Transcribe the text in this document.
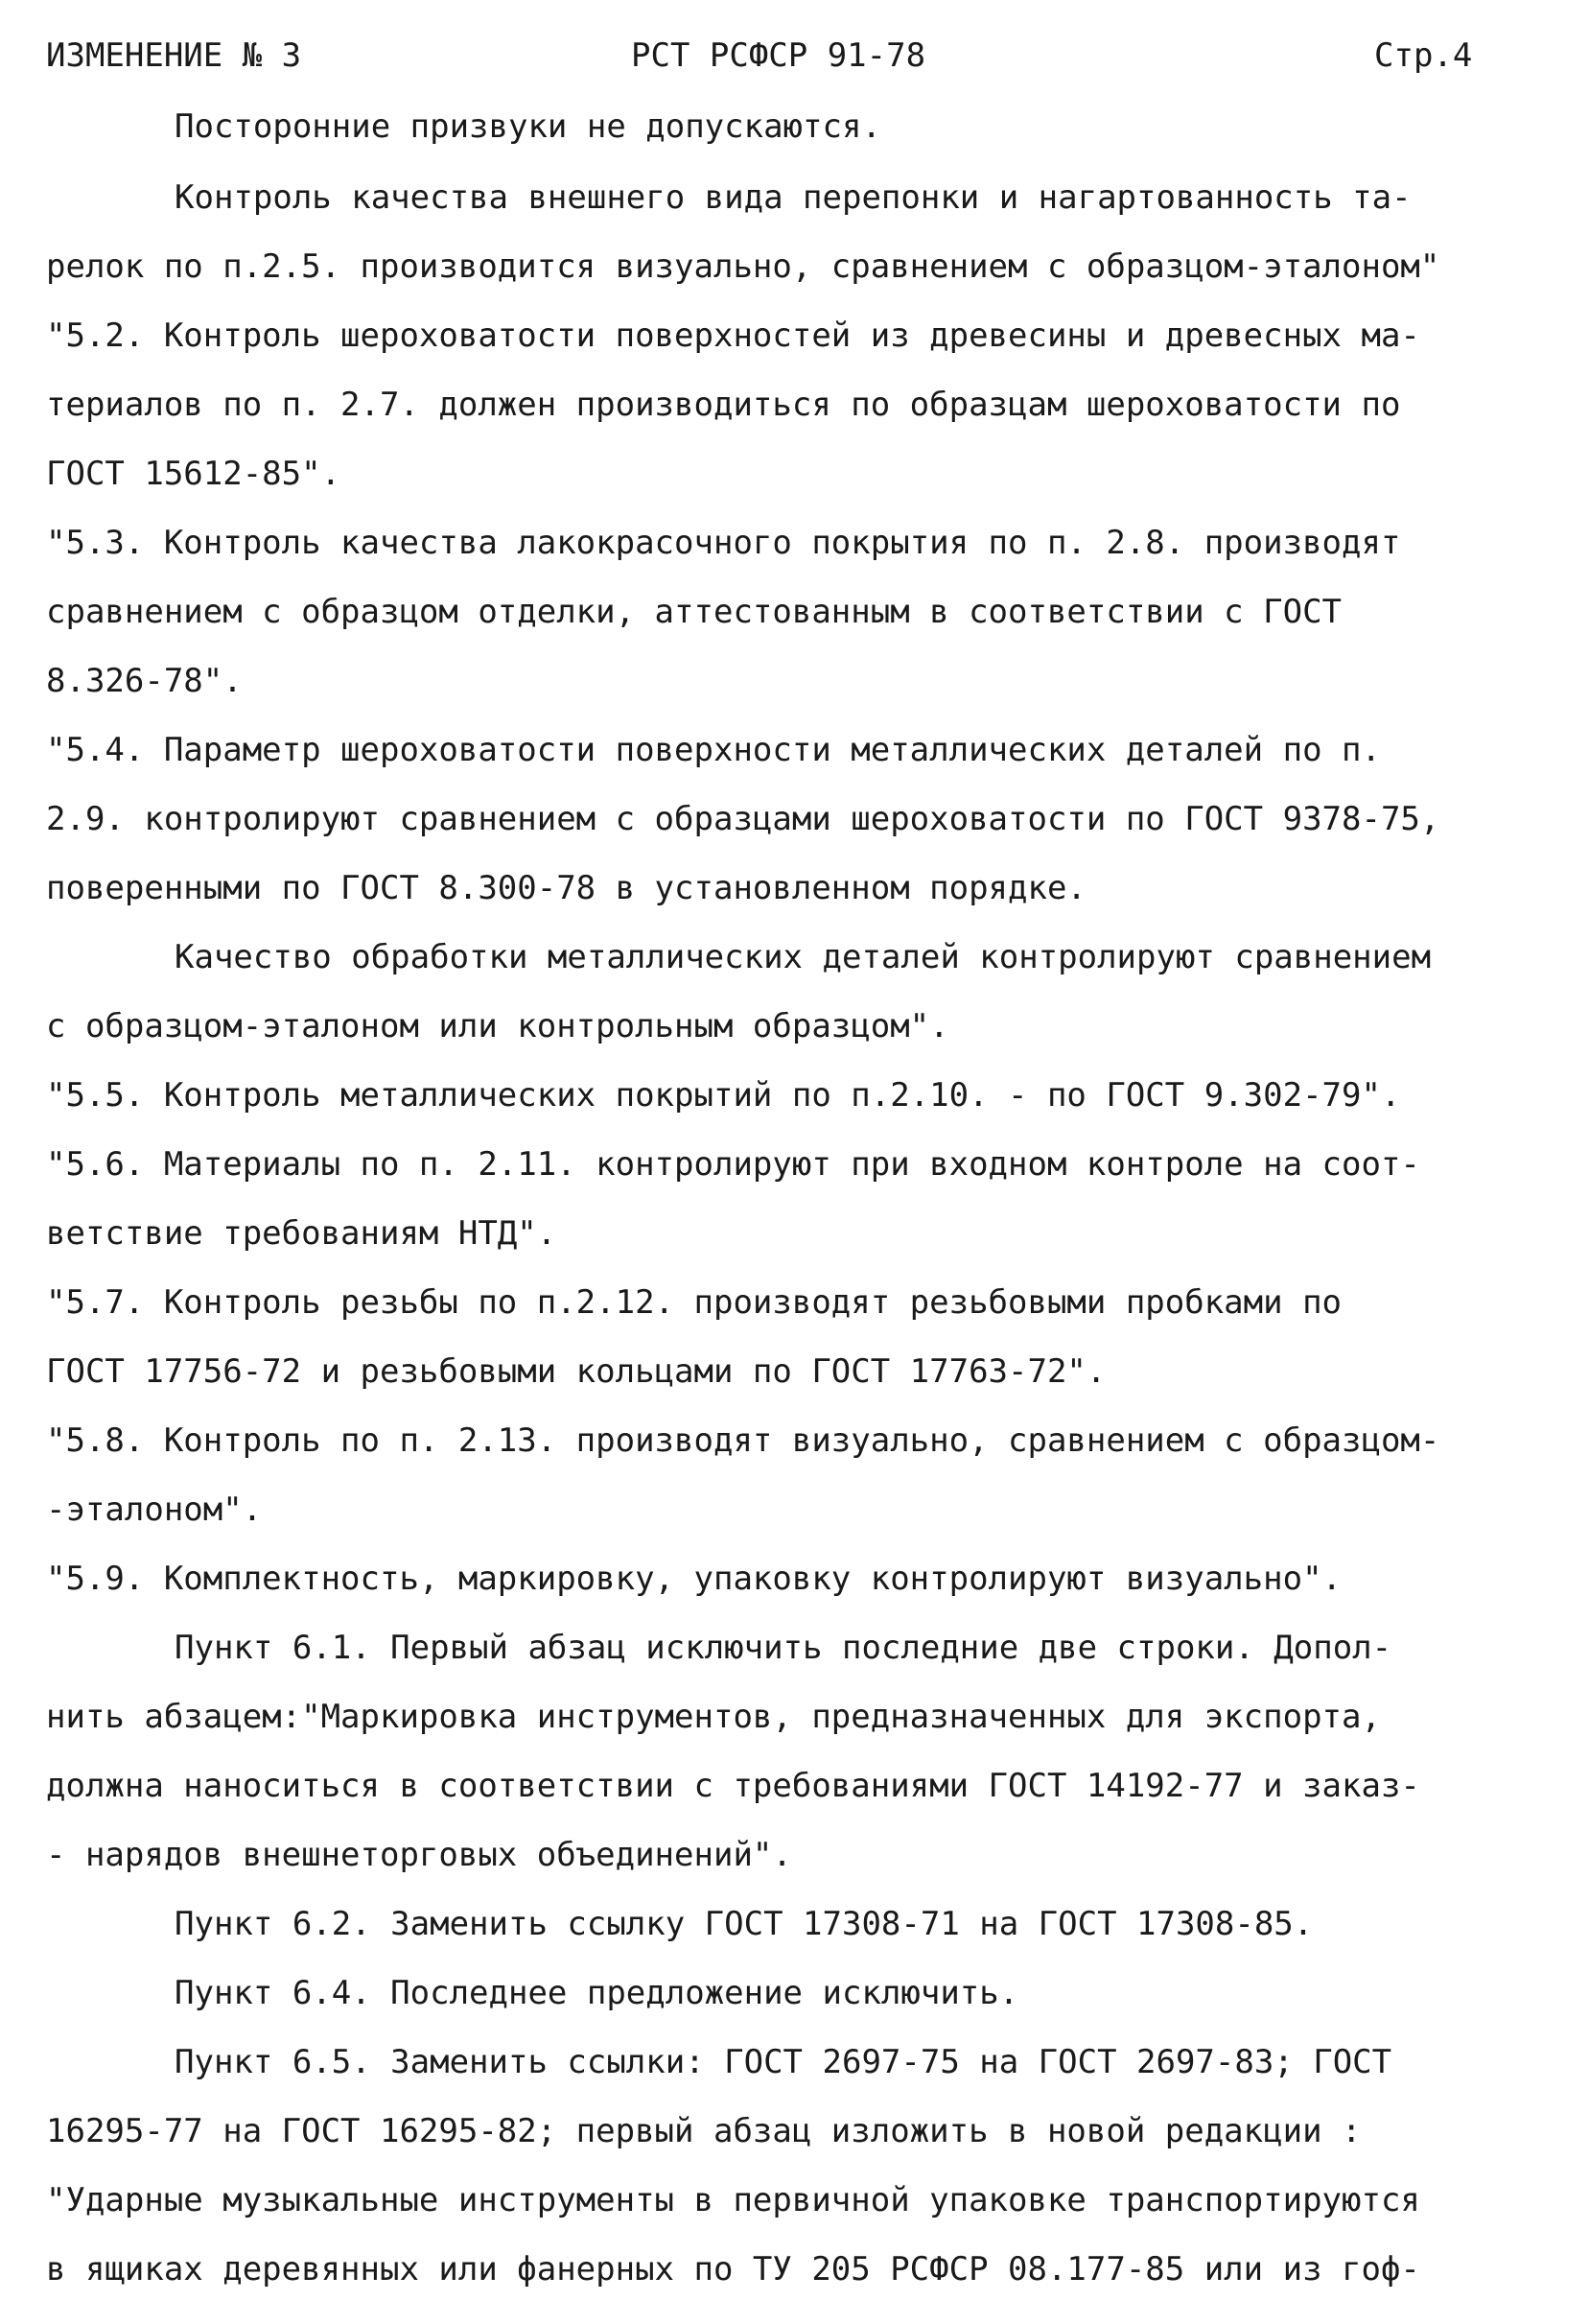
ИЗМЕНЕНИЕ № 3	РСТ РСФСР 91-78	Стр.4
Посторонние призвуки не допускаются.
Контроль качества внешнего вида перепонки и нагартованность та-
релок по п.2.5. производится визуально, сравнением с образцом-эталоном"
"5.2. Контроль шероховатости поверхностей из древесины и древесных ма-
териалов по п. 2.7. должен производиться по образцам шероховатости по
ГОСТ 15612-85".
"5.3. Контроль качества лакокрасочного покрытия по п. 2.8. производят
сравнением с образцом отделки, аттестованным в соответствии с ГОСТ
8.326-78".
"5.4. Параметр шероховатости поверхности металлических деталей по п.
2.9. контролируют сравнением с образцами шероховатости по ГОСТ 9378-75,
поверенными по ГОСТ 8.300-78 в установленном порядке.
Качество обработки металлических деталей контролируют сравнением
с образцом-эталоном или контрольным образцом".
"5.5. Контроль металлических покрытий по п.2.10. - по ГОСТ 9.302-79".
"5.6. Материалы по п. 2.11. контролируют при входном контроле на соот-
ветствие требованиям НТД".
"5.7. Контроль резьбы по п.2.12. производят резьбовыми пробками по
ГОСТ 17756-72 и резьбовыми кольцами по ГОСТ 17763-72".
"5.8. Контроль по п. 2.13. производят визуально, сравнением с образцом-
-эталоном".
"5.9. Комплектность, маркировку, упаковку контролируют визуально".
Пункт 6.1. Первый абзац исключить последние две строки. Допол-
нить абзацем:"Маркировка инструментов, предназначенных для экспорта,
должна наноситься в соответствии с требованиями ГОСТ 14192-77 и заказ-
- нарядов внешнеторговых объединений".
Пункт 6.2. Заменить ссылку ГОСТ 17308-71 на ГОСТ 17308-85.
Пункт 6.4. Последнее предложение исключить.
Пункт 6.5. Заменить ссылки: ГОСТ 2697-75 на ГОСТ 2697-83; ГОСТ
16295-77 на ГОСТ 16295-82; первый абзац изложить в новой редакции :
"Ударные музыкальные инструменты в первичной упаковке транспортируются
в ящиках деревянных или фанерных по ТУ 205 РСФСР 08.177-85 или из гоф-
